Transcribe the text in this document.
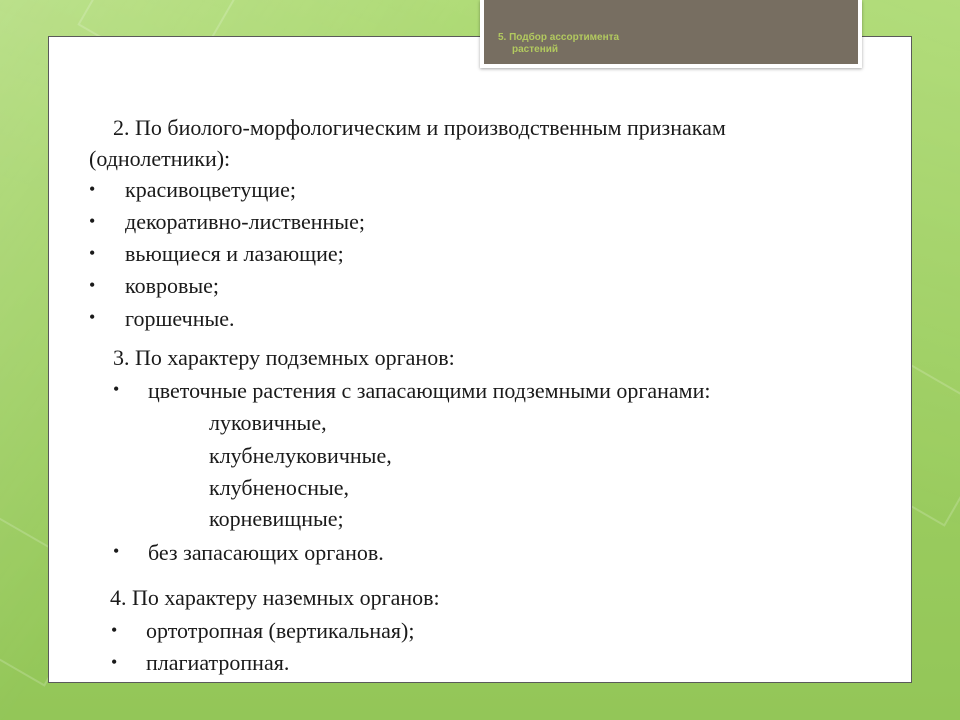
5. Подбор ассортимента
растений
2. По биолого-морфологическим и производственным признакам
(однолетники):
• красивоцветущие;
• декоративно-лиственные;
• вьющиеся и лазающие;
• ковровые;
• горшечные.
3. По характеру подземных органов:
• цветочные растения с запасающими подземными органами:
луковичные,
клубнелуковичные,
клубненосные,
корневищные;
• без запасающих органов.
4. По характеру наземных органов:
• ортотропная (вертикальная);
• плагиатропная.
